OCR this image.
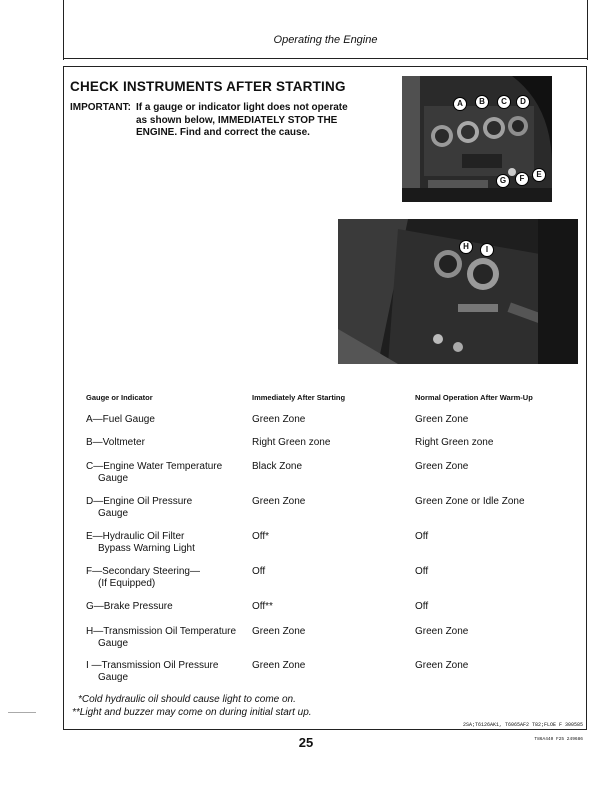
Operating the Engine
CHECK INSTRUMENTS AFTER STARTING
IMPORTANT: If a gauge or indicator light does not operate as shown below, IMMEDIATELY STOP THE ENGINE. Find and correct the cause.
A	B	C	D
E
F
G
H	I
Gauge or Indicator	Immediately After Starting	Normal Operation After Warm-Up
A—Fuel Gauge	Green Zone	Green Zone
B—Voltmeter	Right Green zone	Right Green zone
C—Engine Water Temperature
Gauge
Black Zone	Green Zone
D—Engine Oil Pressure
Gauge
Green Zone	Green Zone or Idle Zone
E—Hydraulic Oil Filter
Bypass Warning Light
Off*	Off
F—Secondary Steering—
(If Equipped)
Off	Off
G—Brake Pressure	Off**	Off
H—Transmission Oil Temperature
Gauge
Green Zone	Green Zone
I —Transmission Oil Pressure
Gauge
Green Zone	Green Zone
*Cold hydraulic oil should cause light to come on.
**Light and buzzer may come on during initial start up.
2SA;T6126AK1, T6065AF2 T82;FLOE F 300585
25	T86A440 F25 249686
